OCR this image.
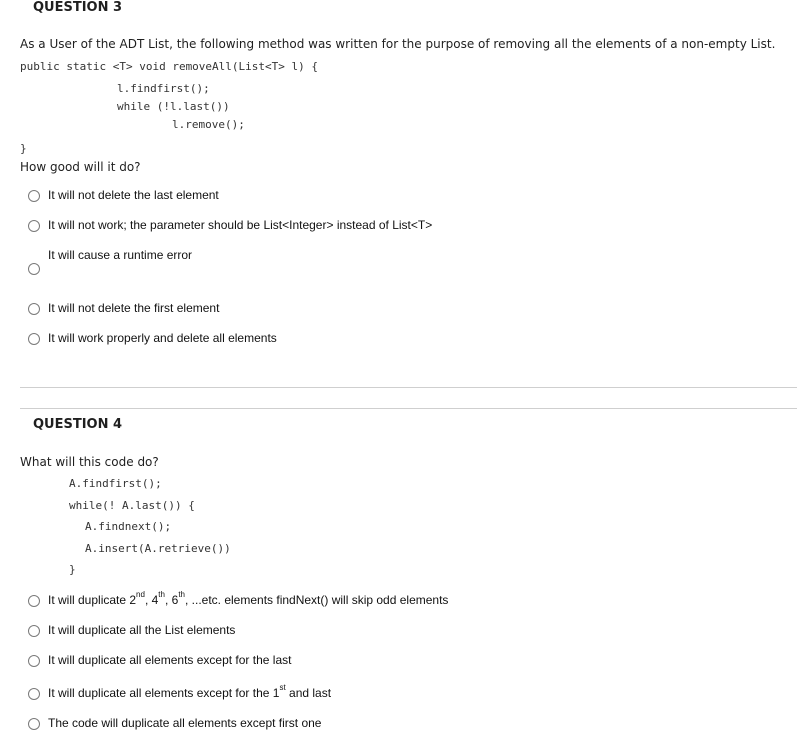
QUESTION 3
As a User of the ADT List, the following method was written for the purpose of removing all the elements of a non-empty List.
public static <T> void removeAll(List<T> l) {
l.findfirst();
while (!l.last())
l.remove();
}
How good will it do?
It will not delete the last element
It will not work; the parameter should be List<Integer> instead of List<T>
It will cause a runtime error
It will not delete the first element
It will work properly and delete all elements
QUESTION 4
What will this code do?
A.findfirst();
while(! A.last()) {
A.findnext();
A.insert(A.retrieve())
}
It will duplicate 2nd, 4th, 6th, ...etc. elements findNext() will skip odd elements
It will duplicate all the List elements
It will duplicate all elements except for the last
It will duplicate all elements except for the 1st and last
The code will duplicate all elements except first one
